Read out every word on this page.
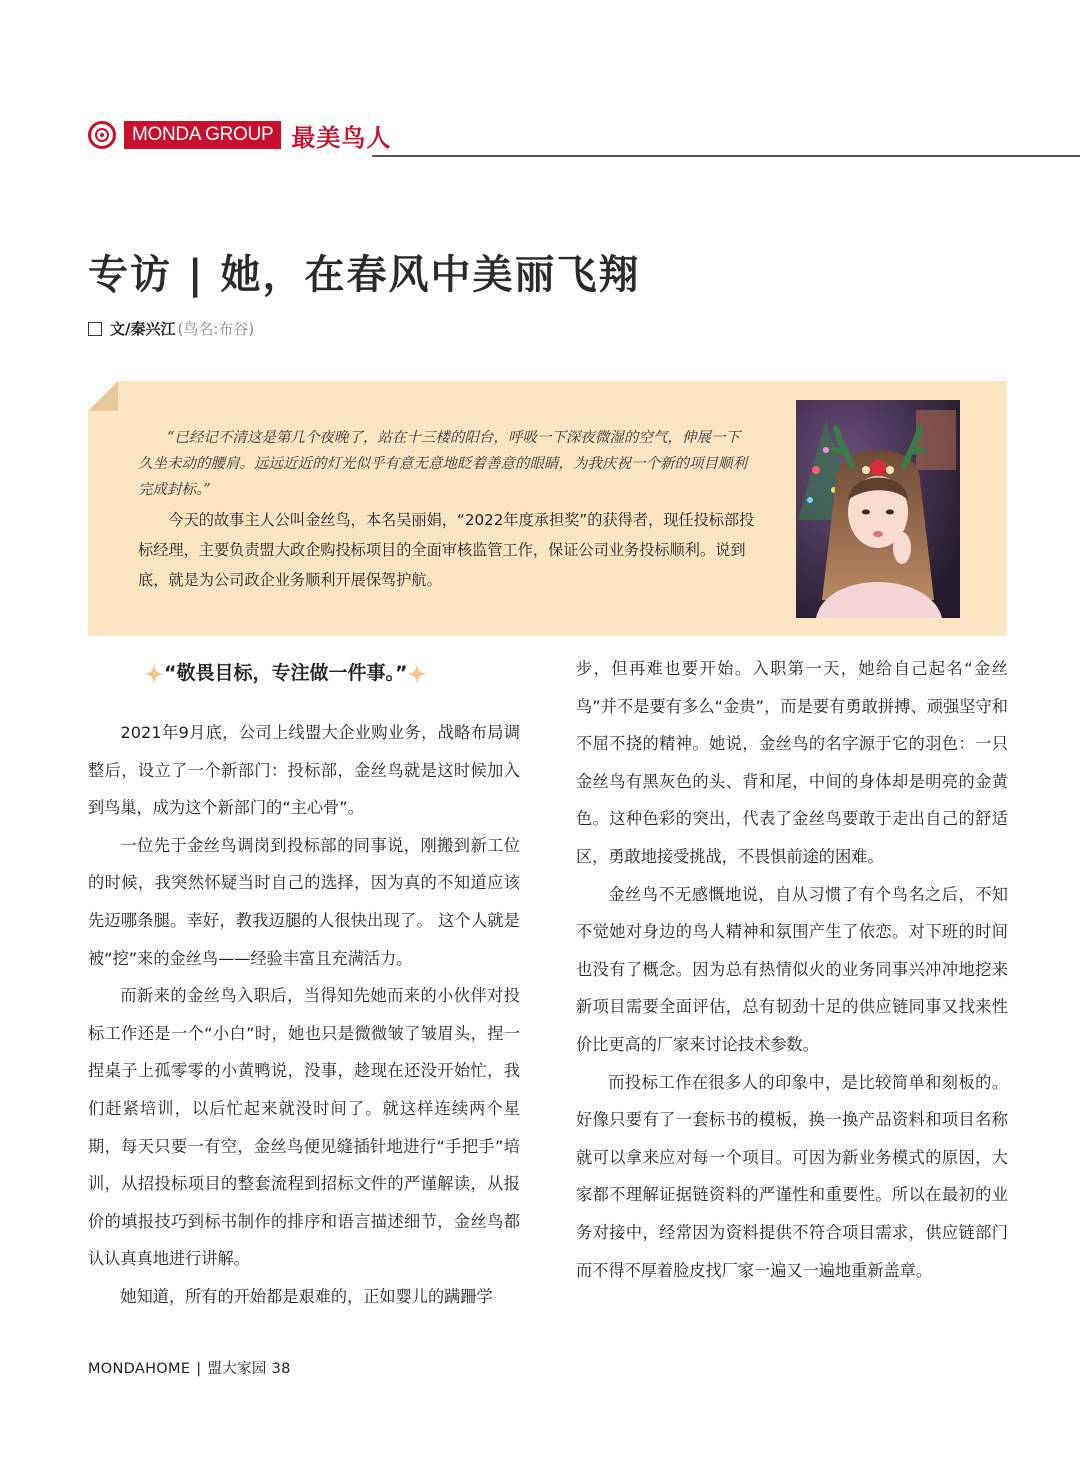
MONDA GROUP 最美鸟人
专访 | 她，在春风中美丽飞翔
文/秦兴江 (鸟名:布谷)

“已经记不清这是第几个夜晚了，站在十三楼的阳台，呼吸一下深夜微湿的空气，伸展一下久坐未动的腰肩。远远近近的灯光似乎有意无意地眨着善意的眼睛，为我庆祝一个新的项目顺利完成封标。”

今天的故事主人公叫金丝鸟，本名吴丽娟，“2022年度承担奖”的获得者，现任投标部投标经理，主要负责盟大政企购投标项目的全面审核监管工作，保证公司业务投标顺利。说到底，就是为公司政企业务顺利开展保驾护航。

“敬畏目标，专注做一件事。”

2021年9月底，公司上线盟大企业购业务，战略布局调整后，设立了一个新部门：投标部，金丝鸟就是这时候加入到鸟巢，成为这个新部门的“主心骨”。

一位先于金丝鸟调岗到投标部的同事说，刚搬到新工位的时候，我突然怀疑当时自己的选择，因为真的不知道应该先迈哪条腿。幸好，教我迈腿的人很快出现了。 这个人就是被“挖”来的金丝鸟——经验丰富且充满活力。

而新来的金丝鸟入职后，当得知先她而来的小伙伴对投标工作还是一个“小白”时，她也只是微微皱了皱眉头，捏一捏桌子上孤零零的小黄鸭说，没事，趁现在还没开始忙，我们赶紧培训，以后忙起来就没时间了。就这样连续两个星期，每天只要一有空，金丝鸟便见缝插针地进行“手把手”培训，从招投标项目的整套流程到招标文件的严谨解读，从报价的填报技巧到标书制作的排序和语言描述细节，金丝鸟都认认真真地进行讲解。

她知道，所有的开始都是艰难的，正如婴儿的蹒跚学

步，但再难也要开始。入职第一天，她给自己起名“金丝鸟”并不是要有多么“金贵”，而是要有勇敢拼搏、顽强坚守和不屈不挠的精神。她说，金丝鸟的名字源于它的羽色：一只金丝鸟有黑灰色的头、背和尾，中间的身体却是明亮的金黄色。这种色彩的突出，代表了金丝鸟要敢于走出自己的舒适区，勇敢地接受挑战，不畏惧前途的困难。

金丝鸟不无感慨地说，自从习惯了有个鸟名之后，不知不觉她对身边的鸟人精神和氛围产生了依恋。对下班的时间也没有了概念。因为总有热情似火的业务同事兴冲冲地挖来新项目需要全面评估，总有韧劲十足的供应链同事又找来性价比更高的厂家来讨论技术参数。

而投标工作在很多人的印象中，是比较简单和刻板的。好像只要有了一套标书的模板，换一换产品资料和项目名称就可以拿来应对每一个项目。可因为新业务模式的原因，大家都不理解证据链资料的严谨性和重要性。所以在最初的业务对接中，经常因为资料提供不符合项目需求，供应链部门而不得不厚着脸皮找厂家一遍又一遍地重新盖章。

MONDAHOME | 盟大家园 38
